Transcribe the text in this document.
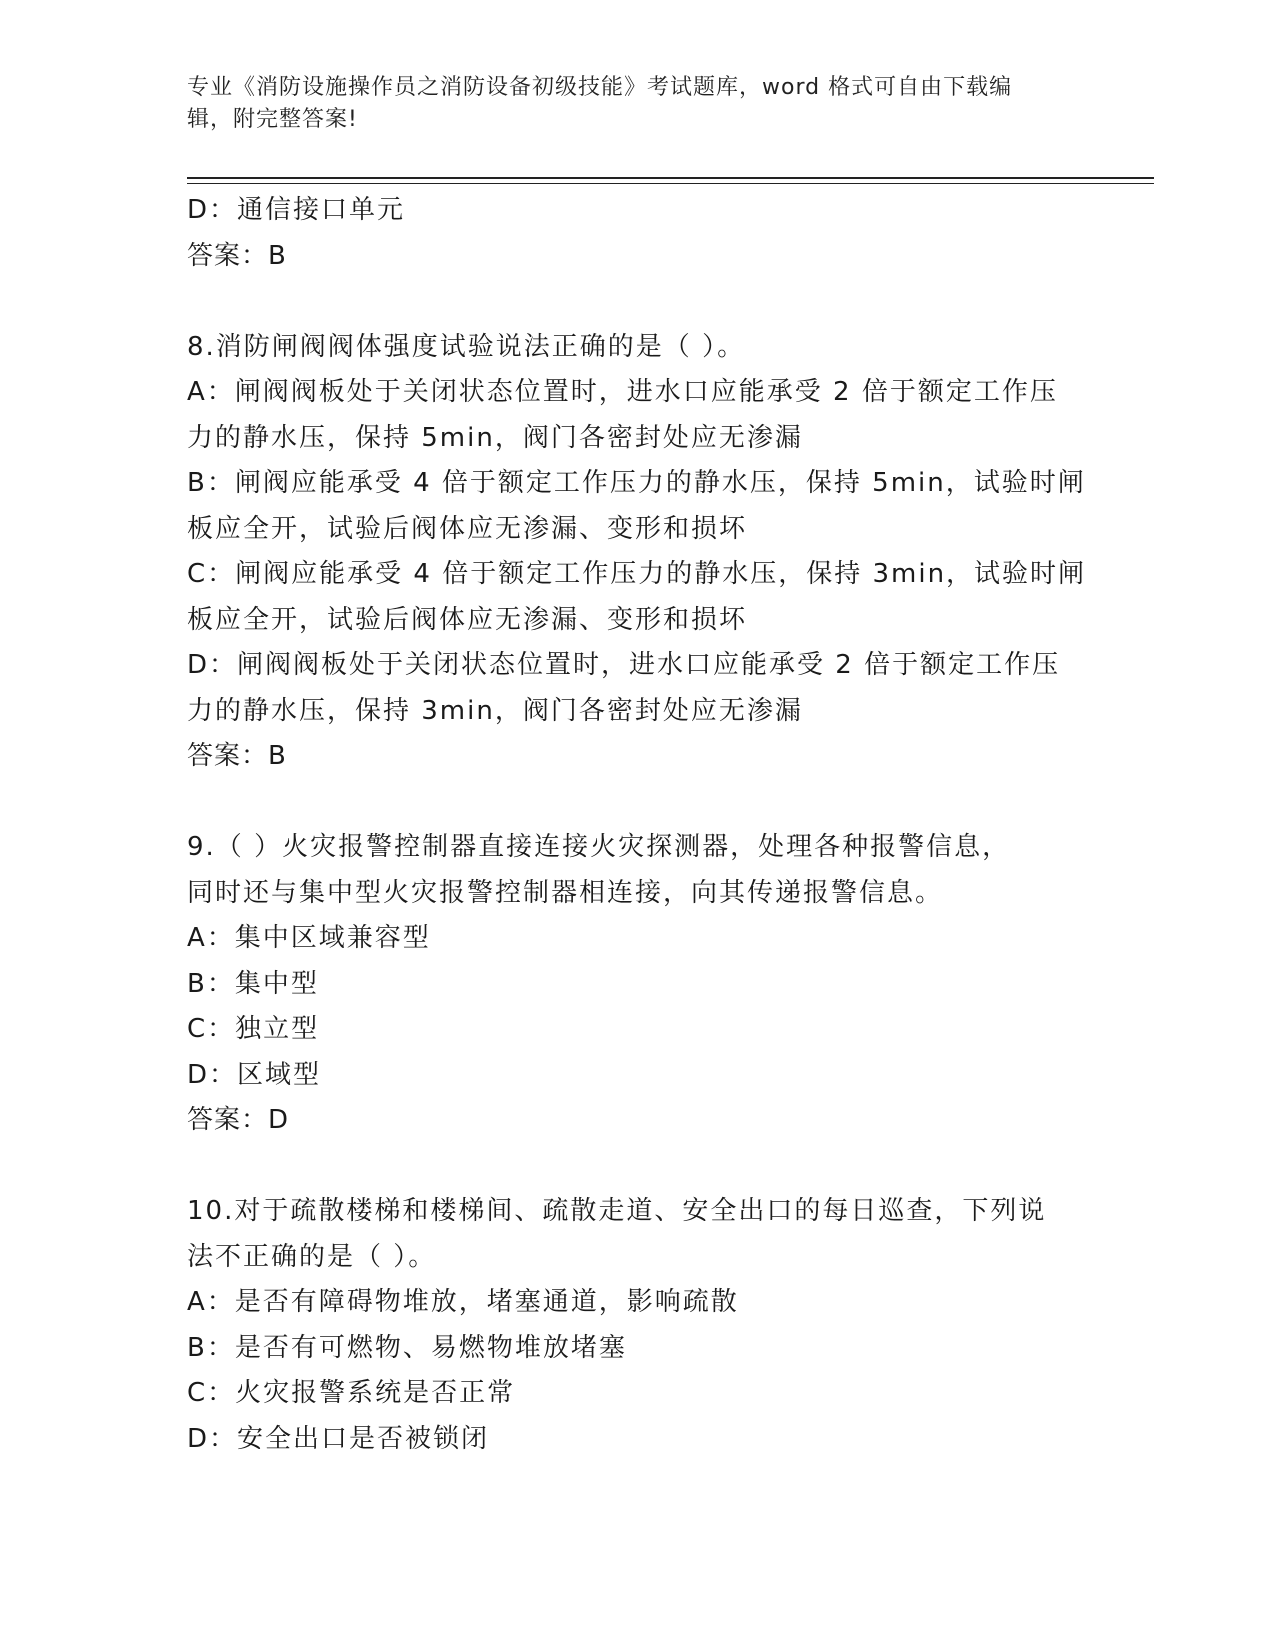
专业《消防设施操作员之消防设备初级技能》考试题库，word 格式可自由下载编
辑，附完整答案!
D：通信接口单元
答案：B
8.消防闸阀阀体强度试验说法正确的是（ ）。
A：闸阀阀板处于关闭状态位置时，进水口应能承受 2 倍于额定工作压
力的静水压，保持 5min，阀门各密封处应无渗漏
B：闸阀应能承受 4 倍于额定工作压力的静水压，保持 5min，试验时闸
板应全开，试验后阀体应无渗漏、变形和损坏
C：闸阀应能承受 4 倍于额定工作压力的静水压，保持 3min，试验时闸
板应全开，试验后阀体应无渗漏、变形和损坏
D：闸阀阀板处于关闭状态位置时，进水口应能承受 2 倍于额定工作压
力的静水压，保持 3min，阀门各密封处应无渗漏
答案：B
9.（ ）火灾报警控制器直接连接火灾探测器，处理各种报警信息，
同时还与集中型火灾报警控制器相连接，向其传递报警信息。
A：集中区域兼容型
B：集中型
C：独立型
D：区域型
答案：D
10.对于疏散楼梯和楼梯间、疏散走道、安全出口的每日巡查，下列说
法不正确的是（ ）。
A：是否有障碍物堆放，堵塞通道，影响疏散
B：是否有可燃物、易燃物堆放堵塞
C：火灾报警系统是否正常
D：安全出口是否被锁闭
